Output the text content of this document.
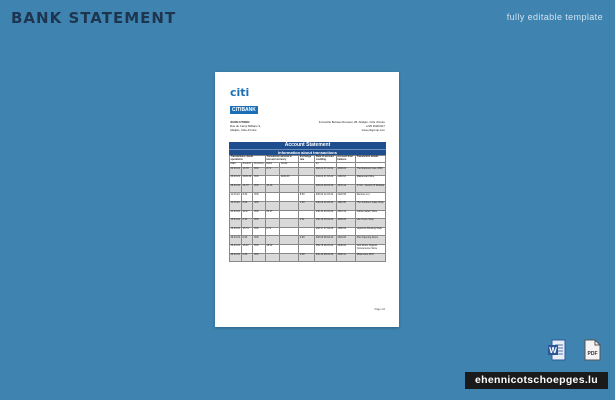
BANK STATEMENT	fully editable template
citi
CITIBANK
JOHN CITIZEN
Rue du Camp Militaire 9,
Abidjan, Côte d'Ivoire
Immeuble Botreau Roussel, 28, Abidjan, Côte d'Ivoire
+225 20204117
www.citigroup.com
Account Statement
Information about transactions
Transactions, detail operations			Transaction amount in account currency		Exchange rate	Date of account crediting	Account final balance	Transaction details
Date	Amount	Currency	Debit	Credit		for		
04.03.22	13.70	XOF	8.71			400.21 07.03.22	4400.03	The Rainbow Cafe 3068
06.03.22	2100.00	XOF		1100.03		441.61 07.03.22	1100.03	Mastercard Wire
09.03.22	14.70	XOF	10.14			400.21 09.03.22	1270.14	G.S.F. - Exotic Of Rebella
11.03.22	8.60	XOF			8.60	400.00 12.03.22	1222.90	Mercure Lut
11.03.22	8.60	XOF			4.60	400.00 12.03.22	1190.00	The Southern Cake Shop
21.03.22	20.17	XOF	20.17			440.14 24.03.22	1010.12	Adobe Sellen Wine
15.04.22	0.11	XOF			0.11	430.19 15.04.22	1000.00	Life Home Shop
16.04.22	13.74	XOF	0.74			400.17 17.04.22	1380.00	Liquorize Brewing Shop
26.04.22	0.00	XOF			0.00	400.00 28.04.22	1301.00	Plus Opening Room
26.03.22	18.42	XOF	18.42			399.78 28.03.22	1238.00	Just Direct Organic Convenience Store
29.03.22	0.00	XOF			0.00	400.12 28.03.22	1260.11	Millennium ATM
Page 1/1
W	PDF
ehennicotschoepges.lu
